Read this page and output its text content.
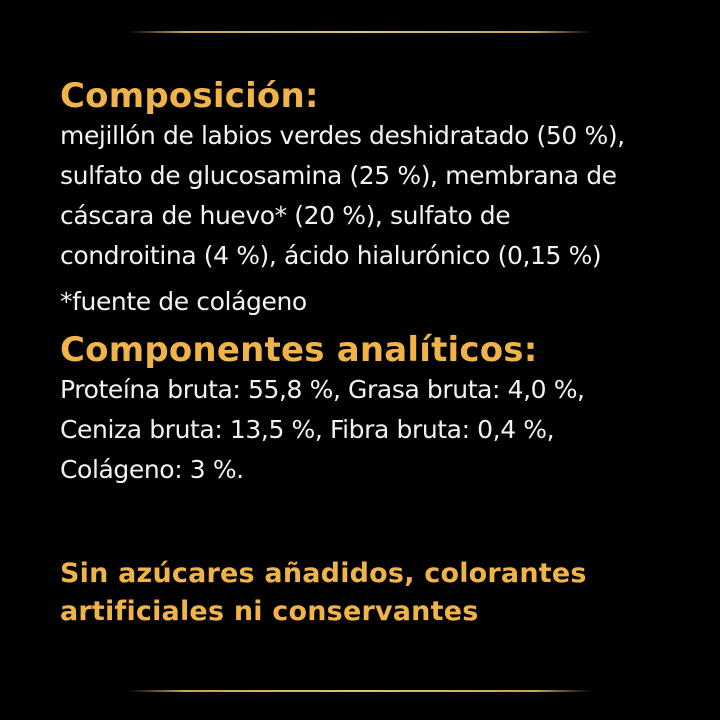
Composición:

mejillón de labios verdes deshidratado (50 %),

sulfato de glucosamina (25 %), membrana de

cáscara de huevo* (20 %), sulfato de

condroitina (4 %), ácido hialurónico (0,15 %)

*fuente de colágeno

Componentes analíticos:

Proteína bruta: 55,8 %, Grasa bruta: 4,0 %,

Ceniza bruta: 13,5 %, Fibra bruta: 0,4 %,

Colágeno: 3 %.

Sin azúcares añadidos, colorantes

artificiales ni conservantes
